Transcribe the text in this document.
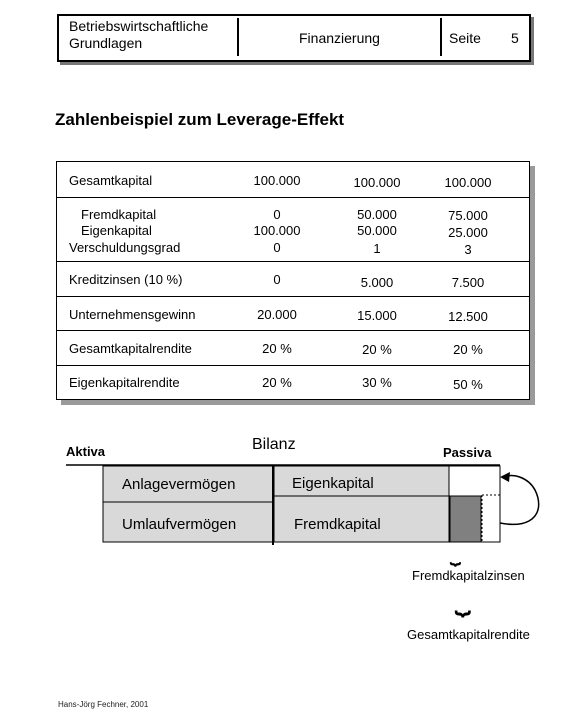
Betriebswirtschaftliche
Grundlagen	Finanzierung	Seite 5
Zahlenbeispiel zum Leverage-Effekt
Gesamtkapital	100.000	100.000	100.000
Fremdkapital	0	50.000	75.000
Eigenkapital	100.000	50.000	25.000
Verschuldungsgrad	0	1	3
Kreditzinsen (10 %)	0	5.000	7.500
Unternehmensgewinn	20.000	15.000	12.500
Gesamtkapitalrendite	20 %	20 %	20 %
Eigenkapitalrendite	20 %	30 %	50 %
Bilanz
Aktiva	Passiva
Anlagevermögen
Umlaufvermögen
Eigenkapital
Fremdkapital
⏟
Fremdkapitalzinsen
⏟
Gesamtkapitalrendite
Hans-Jörg Fechner, 2001
